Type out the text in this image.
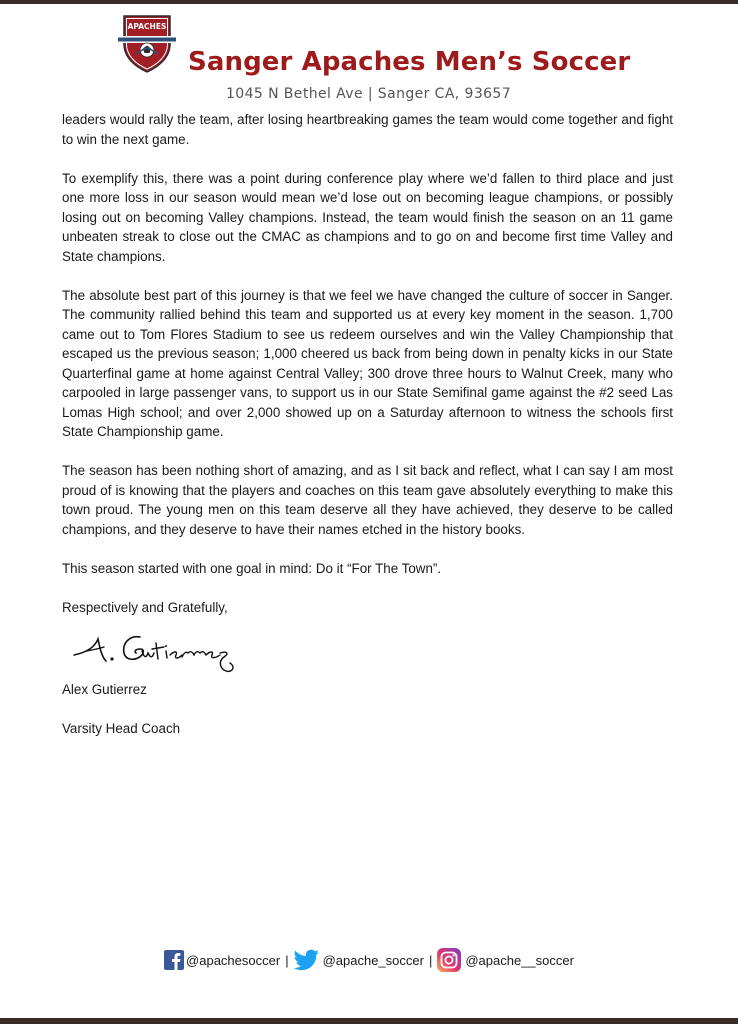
APACHES
Sanger Apaches Men’s Soccer
1045 N Bethel Ave | Sanger CA, 93657

leaders would rally the team, after losing heartbreaking games the team would come together and fight to win the next game.

To exemplify this, there was a point during conference play where we’d fallen to third place and just one more loss in our season would mean we’d lose out on becoming league champions, or possibly losing out on becoming Valley champions. Instead, the team would finish the season on an 11 game unbeaten streak to close out the CMAC as champions and to go on and become first time Valley and State champions.

The absolute best part of this journey is that we feel we have changed the culture of soccer in Sanger. The community rallied behind this team and supported us at every key moment in the season. 1,700 came out to Tom Flores Stadium to see us redeem ourselves and win the Valley Championship that escaped us the previous season; 1,000 cheered us back from being down in penalty kicks in our State Quarterfinal game at home against Central Valley; 300 drove three hours to Walnut Creek, many who carpooled in large passenger vans, to support us in our State Semifinal game against the #2 seed Las Lomas High school; and over 2,000 showed up on a Saturday afternoon to witness the schools first State Championship game.

The season has been nothing short of amazing, and as I sit back and reflect, what I can say I am most proud of is knowing that the players and coaches on this team gave absolutely everything to make this town proud. The young men on this team deserve all they have achieved, they deserve to be called champions, and they deserve to have their names etched in the history books.

This season started with one goal in mind: Do it “For The Town”.

Respectively and Gratefully,

Alex Gutierrez

Varsity Head Coach

@apachesoccer |	@apache_soccer |	@apache__soccer
